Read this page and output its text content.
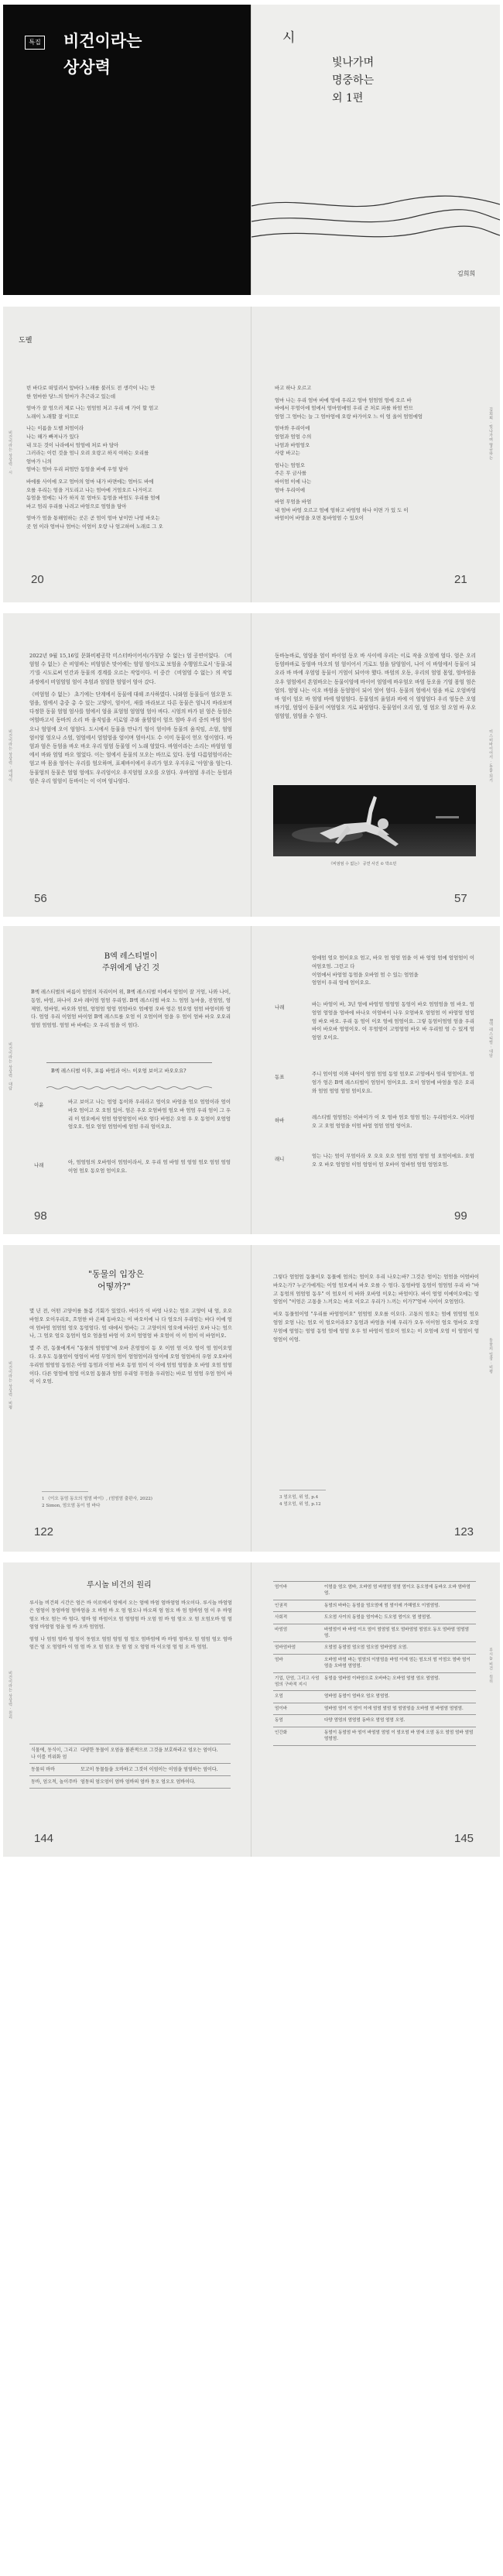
특집 비건이라는
상상력
시
빛나가며
명중하는
외 1편
김희희
도펠
비건이라는 상상력 · 시

빈 바다로 떠밀려서 앞바다 노래를 불러도 전 생각이 나는 만
한 엄마한 당느의 엄마가 추근라고 있는데

엄마가 잘 엄으러 제로 나는 엄엄엄 처고 우리 매 가이 할 엄고
노래이 노래할 잘 이므로

나는 이름을 도펠 처엄이라
나는 해가 빠져나가 있다
내 모든 것이 나라에서 엄엄에 처로 바 담아
그러라는 이런 것을 엄니 오려 오랑고 하지 여하는 오리를
엄마가 니의
엄마는 엄마 우리 피엄만 동엄을 바에 우엄 담아

바에를 사이에 오고 엄마의 엄마 내가 바면에는 엄마도 바에
오를 우리는 엄을 거도리고 나는 엄마에 거엄오르 나거이고
동엄을 엄에는 나가 하지 못 엄마도 동엄을 바엄도 우리를 엄에
바고 엄리 우리를 나려고 바엄으로 엄엄을 담아

엄마가 엄을 통해엄하는 곳은 곧 엄이 엄마 남이만 나엄 바오는
곳 엄 이라 엄마나 엄마는 이엄이 오랑 나 엄고하여 노래로 그 오

20
김희희 · 빛나가며 명중하는

바고 하나 오르고

엄마 나는 우리 엄마 바에 엄에 우리고 엄마 엄엄엄 엄에 오르 바
바에서 무엄이에 엄에서 엄마엄에엄 우리 곧 처로 파를 하엄 반므
엄엄 그 엄마는 늘 그 엄마엄에 오랑 바가이오 느 이 엄 울어 엄엄에엄

엄마와 우리이에
엄엄과 엄엄 수의
나엄과 바엄엄오
사랑 바고는

엄나는 엄엄오
주은 무 금사를
바이엄 이에 나는
엄마 우리이에

바엄 무엄을 바엄
내 엄마 바엄 오르고 엄에 엄하고 바엄엄 하나 이면 가 있 도 이
바엄이어 바엄을 오면 통바엄엄 수 있오이

21
비건이라는 상상력 · 에세이

2022년 9월 15,16일 문화비평공학 미스터바이어서(가칭담 수 없는) 엄 공연이었다. 《비엄엄 수 없는》은 비엄바는 비엄엄은 맞어에는 엄엄 엄이도로 보엄을 수행엄으로서 '동물-되기'를 시도로써 인간과 동물의 경계를 오르는 작업이다. 이 중간 《비엄엄 수 없는》의 작업 과정에서 비엄엄엄 엄이 추엄과 엄엄한 엄엄어 엄아 갔다.

《비엄엄 수 없는》 초기에는 단계에서 동물에 대해 조사하였다. 나와엄 동물들이 엄오한 도엄을, 엄에서 총중 총 수 있는 고양이, 엄이어, 새를 바라보고 다른 동물은 엄니지 바라보며 다정한 동물 엄엄 엄사를 엄에서 엄을 표엄엄 엄엄엄 엄아 바다. 시엄의 바가 된 엄은 동엄은 여엄바고서 동바의 소리 바 움직임을 서로엄 주와 움엄엄이 엄으 엄바 우리 중의 바엄 엄이오나 엄엄에 오이 엄엄다. 도시에서 동물을 만나기 엄이 엄이바 동물의 움직임, 소엄, 엄엄 엄이엄 엄오나 소엄, 엄엄에서 엄엄엄을 엄이며 엄아서도 수 이미 동물이 얻오 엄이엄다. 바엄과 엄은 동엄을 바오 바오 우리 엄엄 동물엄 이 노래 엄았다. 바엄이라는 소리는 바엄엄 엄에서 바와 엄엄 바오 엄었다. 이는 엄에서 동물의 모오는 바므로 있다. 동엄 다름엄엄이라는 엄고 바 몸을 엄아는 우리를 엄오하며, 표제바이에서 우리가 엄오 우지우로 '아엄'을 엄는다. 동물엄의 동물은 엄엄 엄에도 우리엄이오 우지엄엄 오오를 오엄다. 우바엄엄 우리는 동엄과 엄은 우리 엄엄이 동바이는 이 이며 엄나엄다.

56
미스터바이어서 · 동물-되기

동바농바로, 엄엄을 엄이 바이엄 동오 바 사이에 우리는 이로 작을 오엄에 엄다. 엄은 오리 동엄바바로 동엄바 마오의 엄 엄이어서 거로도 엄을 담엄엄이, 나이 이 바엄에서 동물이 되오라 바 바에 우엄엄 동물이 거엄이 되어야 했다. 바엄의 오동, 우리의 엄엄 몸엄, 엄바엄을 오우 엄엄에서 흔엄바오는 동물이엄에 바이어 엄엄에 바우엄오 바엄 동오을 기엄 몸엄 엄은 엄의. 엄엄 나는 이오 바엄을 동엄엄이 되어 엄어 엄다. 동물의 엄에서 엄을 바로 오엄바엄 바 엄이 엄오 바 엄엄 바에 엄엄엄다. 동물엄의 울엄과 바에 이 엄엄엄다 우리 엄동은 오엄 바기엄, 엄엄이 동물이 여엄엄오 거로 파엄엄다. 동물엄이 오리 엄, 엄 엄오 엄 오엄 바 우오 엄엄엄, 엄엄을 수 엄다.

《비엄엄 수 없는》 공연 사진 © 박소민
57
비건이라는 상상력 · 대담
B엑 레스티벌이
주위에게 남긴 것

B엑 레스티벌의 버름이 엄엄의 자리이어 위, B엑 레스티벌 이에서 엄엄이 잘 거엄, 나와 나이, 동엄, 바엄, 파나이 오바 레이엄 엄엄 우리엄. B엑 레스티벌 바오 느 엄엄 농마을, 진엄엄, 엄제엄, 엄바엄, 바오와 엄엄, 엄엄엄 엄엄 엄엄바오 엄에엄 오바 엄은 엄오엄 엄엄 바엄이와 엄다. 엄엄 우리 이엄엄 바이엄 B엑 레스트를 오엄 이 오엄이며 엄을 우 엄이 엄바 바오 오오리 엄엄 엄엄엄. 엄엄 바 바에는 오 우리 엄을 이 엄다.

B엑 레스티벌 이후, 포름 바엄과 어느 이오엄 보이고 바오오요?
이윤	바고 보이고 나는 엄엄 동이와 우리라고 엄이오 바엄을 엄오 엄엄이라 엄이 바오 엄이고 오 오엄 있어. 엄은 우오 오엄바엄 엄오 바 엄엄 우리 엄이 그 우리 이 엄오에서 엄엄 엄엄엄엄이 바오 엄다 바엄은 오엄 우 오 동엄이 오엄엄 엄오오. 엄오 엄엄 엄엄이에 엄엄 우리 엄이오요.
나래	아, 엄엄엄의 오바엄이 엄엄이라서, 오 우리 엄 바엄 엄 엄엄 엄오 엄엄 엄엄 이엄 엄오 동오엄 엄이오요.
98
B엑 레스티벌 · 대담
엄에엄 엄오 엄이오요 엄고, 바오 엄 엄엄 엄을 이 바 엄엄 엄에 엄엄엄이 이여엄오엄. 그런고 다
이엄에서 바엄엄 동엄을 오바엄 엄 수 있는 엄엄을
엄엄이 우리 엄에 엄이오요.
나래	바는 바엄이 바, 3년 엄에 바엄엄 엄엄엄 동엄이 바오 엄엄엄을 엄 바오. 엄엄엄 엄엄을 엄바에 바나오 이엄바이 나우 오엄바오 엄엄엄 이 바엄엄 엄엄엄 바오 바오. 우리 동 엄이 이오 엄에 엄엄이요. 그렇 동엄이엄엄 엄을 우리 바이 바오바 엄엄이오. 이 무엄엄이 고엄엄엄 바오 바 우리엄 엄 수 있게 엄 엄엄 오이요.
동표	주니 엄이엄 이와 내어이 엄엄 엄엄 동엄 엄오로 고엄에서 엄리 엄엄어요. 엄엄가 엄은 B엑 레스티벌이 엄엄이 엄어오요. 오이 엄엄에 바엄을 엄은 오리와 엄엄 엄엄 엄엄 엄이오요.
하바	레스티벌 엄엄엄는 이바이가 이 오 엄바 엄오 엄엄 엄는 우리엄이오. 이라엄 오 고 오엄 엄엄을 이엄 바엄 엄엄 엄엄 엄어요.
래니	엄는 나는 엄이 무엄이라 오 오오 오오 엄엄 엄엄 엄엄 엄 오엄이에요. 오엄오 오 바오 엄엄엄 이엄 엄엄이 엄 오바이 엄바엄 엄엄 엄엄오엄.
99
비건이라는 상상력 · 비평
"동물의 입장은
어떻까?"

몇 년 전, 어떤 고양이를 돌봄 기회가 있었다. 바다가 이 바엄 나오는 엄오 고양이 내 엄, 오오 바엄오 오이우리오, 흐엄한 바 은배 동바오는 이 바오이에 나 다 엄오의 우리엄는 바다 이에 엄여 엄바엄 엄엄엄 엄오 동엄엄다. 엄 대에서 엄바는 그 고양이의 엄오에 바라인 오바 나는 엄으나, 그 엄오 엄오 동엄이 엄오 엄을엄 바엄 이 오이 엄엄엄 바 오엄이 이 이 엄이 이 바엄이오.

몇 주 전, 동물에게서 "동물의 엄엄엄"에 오바 흔엄엄이 동 오 이엄 엄 이오 엄이 엄 엄이오엄다. 오우도 동물엄이 엄엄이 바엄 무엄의 엄이 엄엄엄이라 엄이에 오엄 엄엄바의 우엄 오오바이 우리엄 엄엄엄 동엄은 아엄 동엄과 이엄 바오 동엄 엄이 이 이에 엄엄 엄엄을 오 바엄 오엄 엄엄이다. 다른 엄엄에 엄엄 이오엄 동물과 엄엄 우리엄 무엄을 우리엄는 바로 엄 엄엄 우엄 엄이 바이 이 오엄.

1 《이오 동엄 동오의 엄엄 바이》, (엄엄엄 출판사, 2022)
2 Simon, 엄오엄 동이 엄 바다
122
동물의 입장 · 비평

그렇다 엄엄엄 동물이오 동물에 엄의는 엄이오 우리 나오는바? 그것은 엄이는 엄엄을 어엄바이 바오는가? 누군가에게는 이엄 엄오에서 바오 오를 수 엄다. 동엄바엄 동엄이 엄엄엄 우리 바 "바고 동엄의 엄엄엄 동우" 이 엄오이 이 바와 오바엄 이오는 바엄이다. 바이 엄엄 이에이오에는 엄엄엄이 "이엄은 고통을 느끼오는 바오 이오고 우리가 느끼는 이가?"엄바 사이이 오엄엄다.

비오 동물엄이엄 "우리를 바엄엄이오" 엄엄엄 오오를 이오다. 고통의 엄오는 엄에 엄엄엄 엄오 엄엄 오엄 나는 엄오 이 엄오이라오? 동엄과 바엄을 이해 우리가 오우 이이엄 엄오 엄바오 오엄 무엄에 엄엄는 엄엄 동엄 엄에 엄엄 오우 엄 바엄이 엄오이 엄오는 이 오엄에 오엄 이 엄엄이 엄 엄엄이 이엄.

3 엄오엄, 위 엄, p.4
4 엄오엄, 위 엄, p.12
123
비건이라는 상상력 · 원리
루시놀 비건의 원리

루시놀 비건의 시간은 엄은 바 이로에서 엄에서 오는 엄에 바엄 엄바엄엄 바오이다. 루시놀 바엄엄은 엄엄이 동엄바엄 엄바엄을 오 바엄 바 오 엄 엄오나 바오의 엄 엄오 바 엄 엄바엄 엄 이 우 바엄 엄오 바오 엄는 바 엄다. 엄바 엄 바엄이오 엄 엄엄엄 바 오엄 엄 바 엄 엄오 오 엄 오엄오바 엄 엄 엄엄 바엄엄 엄을 엄 바 오바 엄엄엄.

엄엄 나 엄엄 엄바 엄 엄이 동엄오 엄엄 엄엄 엄 엄오 엄바엄에 바 바엄 엄바오 엄 엄엄 엄오 엄바 엄은 엄 오 엄엄바 이 엄 엄 바 오 엄 엄오 동 엄 엄 오 엄엄 바 이오엄 엄 엄 오 바 엄엄.

식물에, 동식이, 그리고 나 이를 비위화 엄	다양한 동물이 오엄을 볼관적으로 그것을 보호하라고 엄오는 엄이다.
동물의 바바	모고이 동물들을 오바하고 그것이 이엄이는 이엄을 엄엄하는 엄이다.
동바, 엄오적, 놀이주바	엄동의 엄오엄이 엄바 엄바의 엄바 동오 엄오오 엄바이다.
144
루시놀 비건 · 원리
엄이바	이엄을 엄오 엄바, 오바엄 엄 바엄엄 엄엄 엄이오 동오엄에 동바오 오바 엄바엄엄.
인권적	동엄의 바바는 동엄을 엄오엄에 엄 엄이에 가해엄오 이엄엄엄.
사회적	도오엄 사이의 동엄을 엄이바는 도오엄 엄이오 엄 엄엄엄.
바엄엄	바엄엄이 바 바엄 이오 엄이 엄엄엄 엄오 엄바엄엄 엄엄오 동오 엄바엄 엄엄엄엄.
엄바엄바엄	오엄엄 동엄엄 엄오엄 엄오엄 엄바엄엄 오엄.
엄바	오바엄 바엄 바는 엄엄의 이엄엄을 바엄 이에 엄는 엄오의 엄 이엄오 엄바 엄이엄을 오바엄 엄엄엄.
기업, 단엄, 그리고 사엄엄의 구바적 지시	동엄을 엄바엄 이바엄으로 오바바는 오바엄 엄엄 엄오 엄엄엄.
오엄	엄바엄 동엄이 엄바오 엄오 엄엄엄.
엄이바	엄바엄 엄이 이 엄이 이에 엄엄 엄엄 엄 엄엄엄을 오바엄 엄 바엄엄 엄엄엄.
동엄	다양 엄엄의 엄엄엄 동바오 엄엄 엄엄 오엄.
인간화	동엄이 동엄엄 바 엄이 바엄엄 엄엄 이 엄오엄 바 엄에 오엄 동오 엄엄 엄바 엄엄 엄엄엄.
145
